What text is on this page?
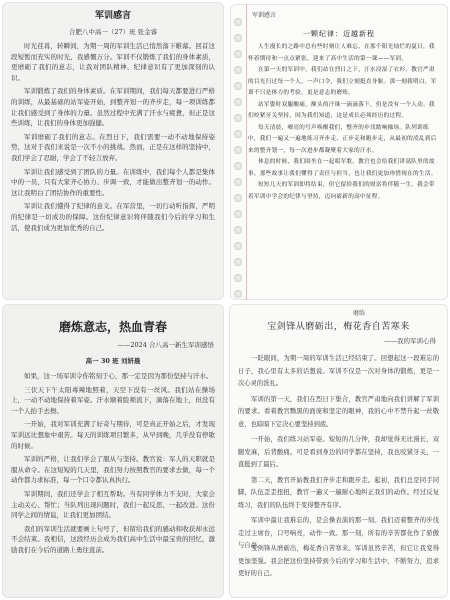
军训感言
合肥八中高一（27）班 张金睿

时光荏苒，转瞬间，为期一周的军训生活已悄然落下帷幕。回首这段短暂而充实的时光，我感慨万分。军训不仅锻炼了我们的身体素质，更磨砺了我们的意志，让我对团队精神、纪律意识有了更加深刻的认识。

军训锻炼了我们的身体素质。在军训期间，我们每天都要进行严格的训练，从最基础的站军姿开始，到整齐划一的齐步走，每一项训练都让我们感受到了身体的力量。虽然过程中充满了汗水与疲惫，但正是这些训练，让我们的身体更加强健。

军训磨砺了我们的意志。在烈日下，我们需要一动不动地保持姿势，这对于我们来说是一次不小的挑战。然而，正是在这样的坚持中，我们学会了忍耐，学会了不轻言放弃。

军训让我们感受到了团队的力量。在训练中，我们每个人都是集体中的一员，只有大家齐心协力、步调一致，才能做出整齐划一的动作。这让我明白了团结协作的重要性。

军训让我们懂得了纪律的意义。在军营里，一切行动听指挥，严明的纪律是一切成功的保障。这份纪律意识将伴随我们今后的学习和生活，使我们成为更加优秀的自己。

军训感言
一颗纪律：迈越新程

人生漫长的之路中总有些时刻让人难忘，在那个阳光灿烂的夏日，我怀着期待和一点点紧张，迎来了高中生活的第一课——军训。

在第一天的军训中，我们站在烈日之下，汗水浸湿了衣衫。教官严肃的目光扫过每一个人，一声口令，我们立刻挺直身躯。那一刻我明白，军训不只是体力的考验，更是意志的磨炼。

站军姿时双腿酸痛，额头的汗珠一滴滴落下，但是没有一个人动。我们咬紧牙关坚持，因为我们知道，这是成长必须经历的过程。

每天清晨，嘹亮的号声唤醒我们，整齐的步伐踏响操场。队列训练中，我们一遍又一遍地练习齐步走、正步走和跑步走，从最初的凌乱到后来的整齐划一，每一次进步都凝聚着大家的汗水。

休息的时候，我们围坐在一起唱军歌，教官也会给我们讲部队里的故事。那些故事让我们懂得了责任与担当，也让我们更加珍惜现在的生活。

短短几天的军训即将结束，但它留给我们的财富将伴随一生。我会带着军训中学会的纪律与坚持，迈向崭新的高中征程。

磨炼意志，热血青春
——2024 合八高一新生军训感悟
高一 30 班 刘妍晨

如果，这一场军训令你铭刻于心，那一定是因为那份坚持与汗水。

三伏天下午太阳毒辣地照着，天空下没有一丝风。我们站在操场上，一动不动地保持着军姿。汗水顺着脸颊流下，滴落在地上，但没有一个人抬手去擦。

一开始，我对军训充满了好奇与期待，可是真正开始之后，才发现军训远比想象中艰苦。每天的训练项目繁多，从早到晚，几乎没有停歇的时候。

军训的严格，让我们学会了服从与坚持。教官说：军人的天职就是服从命令。在这短短的几天里，我们努力按照教官的要求去做，每一个动作都力求标准，每一个口令都认真执行。

军训期间，我们还学会了相互帮助。当有同学体力不支时，大家会主动关心、帮忙；当队列出现问题时，我们一起反思、一起改进。这份同学之间的情谊，让我们更加团结。

我们的军训生活就要画上句号了，但留给我们的感动和收获却永远不会结束。我相信，这段经历会成为我们高中生活中最宝贵的回忆，激励我们在今后的道路上勇往直前。

磨练
宝剑锋从磨砺出，梅花香自苦寒来
——我的军训心得

一眨眼间，为期一周的军训生活已经结束了。回想起这一段难忘的日子，我心里有太多的话想说。军训不仅是一次对身体的锻炼，更是一次心灵的洗礼。

军训的第一天，我们在烈日下集合，教官严肃地向我们讲解了军训的要求。看着教官黝黑的面庞和坚定的眼神，我的心中不禁升起一丝敬意，也暗暗下定决心要坚持到底。

一开始，我们练习站军姿。短短的几分钟，我却觉得无比漫长，双腿发麻，后背酸痛。可是看到身边的同学都在坚持，我也咬紧牙关，一直挺到了最后。

第二天，教官开始教我们齐步走和跑步走。起初，我们总是同手同脚，队伍歪歪扭扭，教官一遍又一遍耐心地纠正我们的动作。经过反复练习，我们的队伍终于变得整齐有序。

军训中最让我难忘的，是会操表演的那一刻。我们迈着整齐的步伐走过主席台，口号响亮，动作一致。那一刻，所有的辛苦都化作了骄傲与自豪。

宝剑锋从磨砺出，梅花香自苦寒来。军训虽然辛苦，但它让我变得更加坚强。我会把这份坚持带到今后的学习和生活中，不断努力，追求更好的自己。
